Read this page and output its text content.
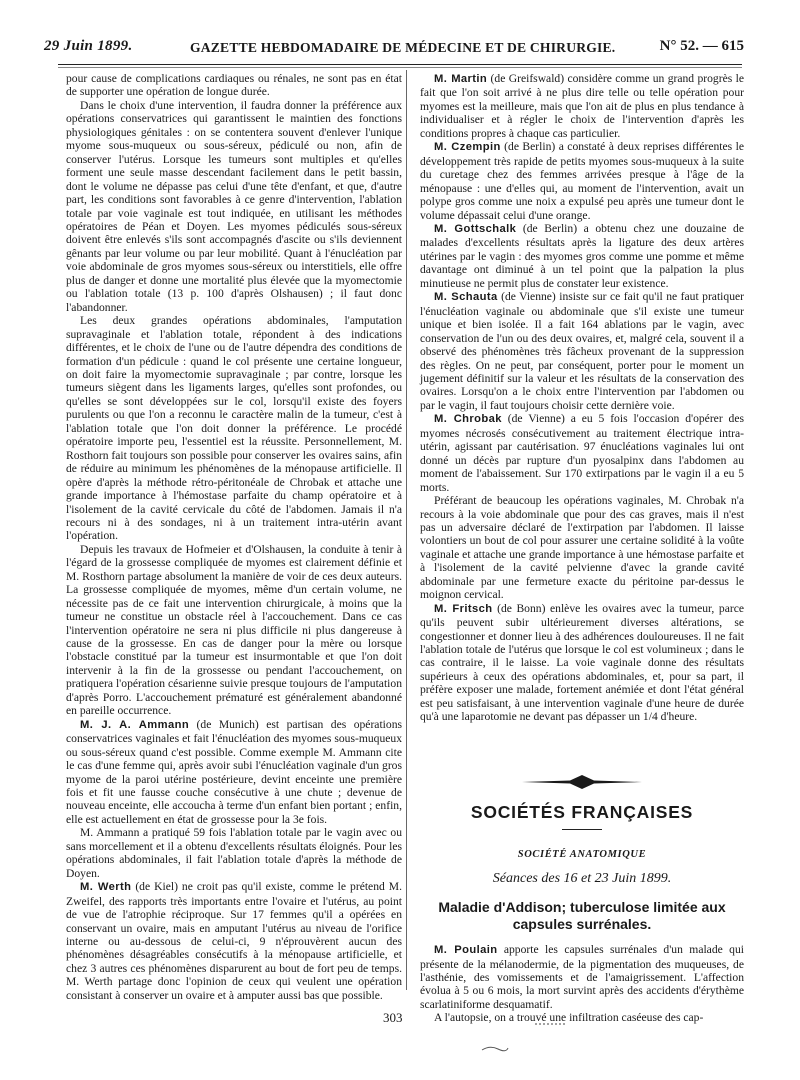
29 Juin 1899.	GAZETTE HEBDOMADAIRE DE MÉDECINE ET DE CHIRURGIE.	N° 52. — 615

pour cause de complications cardiaques ou rénales, ne sont pas en état de supporter une opération de longue durée.

Dans le choix d'une intervention, il faudra donner la préférence aux opérations conservatrices qui garantissent le maintien des fonctions physiologiques génitales : on se contentera souvent d'enlever l'unique myome sous-muqueux ou sous-séreux, pédiculé ou non, afin de conserver l'utérus. Lorsque les tumeurs sont multiples et qu'elles forment une seule masse descendant facilement dans le petit bassin, dont le volume ne dépasse pas celui d'une tête d'enfant, et que, d'autre part, les conditions sont favorables à ce genre d'intervention, l'ablation totale par voie vaginale est tout indiquée, en utilisant les méthodes opératoires de Péan et Doyen. Les myomes pédiculés sous-séreux doivent être enlevés s'ils sont accompagnés d'ascite ou s'ils deviennent gênants par leur volume ou par leur mobilité. Quant à l'énucléation par voie abdominale de gros myomes sous-séreux ou interstitiels, elle offre plus de danger et donne une mortalité plus élevée que la myomectomie ou l'ablation totale (13 p. 100 d'après Olshausen) ; il faut donc l'abandonner.

Les deux grandes opérations abdominales, l'amputation supravaginale et l'ablation totale, répondent à des indications différentes, et le choix de l'une ou de l'autre dépendra des conditions de formation d'un pédicule : quand le col présente une certaine longueur, on doit faire la myomectomie supravaginale ; par contre, lorsque les tumeurs siègent dans les ligaments larges, qu'elles sont profondes, ou qu'elles se sont développées sur le col, lorsqu'il existe des foyers purulents ou que l'on a reconnu le caractère malin de la tumeur, c'est à l'ablation totale que l'on doit donner la préférence. Le procédé opératoire importe peu, l'essentiel est la réussite. Personnellement, M. Rosthorn fait toujours son possible pour conserver les ovaires sains, afin de réduire au minimum les phénomènes de la ménopause artificielle. Il opère d'après la méthode rétro-péritonéale de Chrobak et attache une grande importance à l'hémostase parfaite du champ opératoire et à l'isolement de la cavité cervicale du côté de l'abdomen. Jamais il n'a recours ni à des sondages, ni à un traitement intra-utérin avant l'opération.

Depuis les travaux de Hofmeier et d'Olshausen, la conduite à tenir à l'égard de la grossesse compliquée de myomes est clairement définie et M. Rosthorn partage absolument la manière de voir de ces deux auteurs. La grossesse compliquée de myomes, même d'un certain volume, ne nécessite pas de ce fait une intervention chirurgicale, à moins que la tumeur ne constitue un obstacle réel à l'accouchement. Dans ce cas l'intervention opératoire ne sera ni plus difficile ni plus dangereuse à cause de la grossesse. En cas de danger pour la mère ou lorsque l'obstacle constitué par la tumeur est insurmontable et que l'on doit intervenir à la fin de la grossesse ou pendant l'accouchement, on pratiquera l'opération césarienne suivie presque toujours de l'amputation d'après Porro. L'accouchement prématuré est généralement abandonné en pareille occurrence.

M. J. A. Ammann (de Munich) est partisan des opérations conservatrices vaginales et fait l'énucléation des myomes sous-muqueux ou sous-séreux quand c'est possible. Comme exemple M. Ammann cite le cas d'une femme qui, après avoir subi l'énucléation vaginale d'un gros myome de la paroi utérine postérieure, devint enceinte une première fois et fit une fausse couche consécutive à une chute ; devenue de nouveau enceinte, elle accoucha à terme d'un enfant bien portant ; enfin, elle est actuellement en état de grossesse pour la 3e fois.

M. Ammann a pratiqué 59 fois l'ablation totale par le vagin avec ou sans morcellement et il a obtenu d'excellents résultats éloignés. Pour les opérations abdominales, il fait l'ablation totale d'après la méthode de Doyen.

M. Werth (de Kiel) ne croit pas qu'il existe, comme le prétend M. Zweifel, des rapports très importants entre l'ovaire et l'utérus, au point de vue de l'atrophie réciproque. Sur 17 femmes qu'il a opérées en conservant un ovaire, mais en amputant l'utérus au niveau de l'orifice interne ou au-dessous de celui-ci, 9 n'éprouvèrent aucun des phénomènes désagréables consécutifs à la ménopause artificielle, et chez 3 autres ces phénomènes disparurent au bout de fort peu de temps. M. Werth partage donc l'opinion de ceux qui veulent une opération consistant à conserver un ovaire et à amputer aussi bas que possible.

M. Martin (de Greifswald) considère comme un grand progrès le fait que l'on soit arrivé à ne plus dire telle ou telle opération pour myomes est la meilleure, mais que l'on ait de plus en plus tendance à individualiser et à régler le choix de l'intervention d'après les conditions propres à chaque cas particulier.

M. Czempin (de Berlin) a constaté à deux reprises différentes le développement très rapide de petits myomes sous-muqueux à la suite du curetage chez des femmes arrivées presque à l'âge de la ménopause : une d'elles qui, au moment de l'intervention, avait un polype gros comme une noix a expulsé peu après une tumeur dont le volume dépassait celui d'une orange.

M. Gottschalk (de Berlin) a obtenu chez une douzaine de malades d'excellents résultats après la ligature des deux artères utérines par le vagin : des myomes gros comme une pomme et même davantage ont diminué à un tel point que la palpation la plus minutieuse ne permit plus de constater leur existence.

M. Schauta (de Vienne) insiste sur ce fait qu'il ne faut pratiquer l'énucléation vaginale ou abdominale que s'il existe une tumeur unique et bien isolée. Il a fait 164 ablations par le vagin, avec conservation de l'un ou des deux ovaires, et, malgré cela, souvent il a observé des phénomènes très fâcheux provenant de la suppression des règles. On ne peut, par conséquent, porter pour le moment un jugement définitif sur la valeur et les résultats de la conservation des ovaires. Lorsqu'on a le choix entre l'intervention par l'abdomen ou par le vagin, il faut toujours choisir cette dernière voie.

M. Chrobak (de Vienne) a eu 5 fois l'occasion d'opérer des myomes nécrosés consécutivement au traitement électrique intra-utérin, agissant par cautérisation. 97 énucléations vaginales lui ont donné un décès par rupture d'un pyosalpinx dans l'abdomen au moment de l'abaissement. Sur 170 extirpations par le vagin il a eu 5 morts.

Préférant de beaucoup les opérations vaginales, M. Chrobak n'a recours à la voie abdominale que pour des cas graves, mais il n'est pas un adversaire déclaré de l'extirpation par l'abdomen. Il laisse volontiers un bout de col pour assurer une certaine solidité à la voûte vaginale et attache une grande importance à une hémostase parfaite et à l'isolement de la cavité pelvienne d'avec la grande cavité abdominale par une fermeture exacte du péritoine par-dessus le moignon cervical.

M. Fritsch (de Bonn) enlève les ovaires avec la tumeur, parce qu'ils peuvent subir ultérieurement diverses altérations, se congestionner et donner lieu à des adhérences douloureuses. Il ne fait l'ablation totale de l'utérus que lorsque le col est volumineux ; dans le cas contraire, il le laisse. La voie vaginale donne des résultats supérieurs à ceux des opérations abdominales, et, pour sa part, il préfère exposer une malade, fortement anémiée et dont l'état général est peu satisfaisant, à une intervention vaginale d'une heure de durée qu'à une laparotomie ne devant pas dépasser un 1/4 d'heure.

SOCIÉTÉS FRANÇAISES
SOCIÉTÉ ANATOMIQUE
Séances des 16 et 23 Juin 1899.
Maladie d'Addison; tuberculose limitée aux capsules surrénales.

M. Poulain apporte les capsules surrénales d'un malade qui présente de la mélanodermie, de la pigmentation des muqueuses, de l'asthénie, des vomissements et de l'amaigrissement. L'affection évolua à 5 ou 6 mois, la mort survint après des accidents d'érythème scarlatiniforme desquamatif.

A l'autopsie, on a trouvé une infiltration caséeuse des cap-

303
